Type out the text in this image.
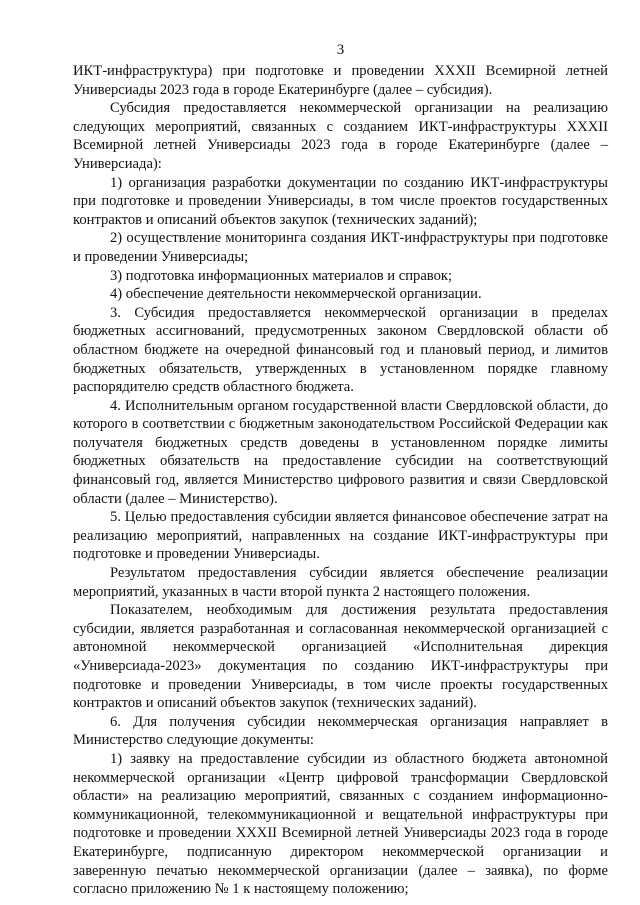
3

ИКТ-инфраструктура) при подготовке и проведении XXXII Всемирной летней Универсиады 2023 года в городе Екатеринбурге (далее – субсидия).

Субсидия предоставляется некоммерческой организации на реализацию следующих мероприятий, связанных с созданием ИКТ-инфраструктуры XXXII Всемирной летней Универсиады 2023 года в городе Екатеринбурге (далее – Универсиада):

1) организация разработки документации по созданию ИКТ-инфраструктуры при подготовке и проведении Универсиады, в том числе проектов государственных контрактов и описаний объектов закупок (технических заданий);

2) осуществление мониторинга создания ИКТ-инфраструктуры при подготовке и проведении Универсиады;

3) подготовка информационных материалов и справок;

4) обеспечение деятельности некоммерческой организации.

3. Субсидия предоставляется некоммерческой организации в пределах бюджетных ассигнований, предусмотренных законом Свердловской области об областном бюджете на очередной финансовый год и плановый период, и лимитов бюджетных обязательств, утвержденных в установленном порядке главному распорядителю средств областного бюджета.

4. Исполнительным органом государственной власти Свердловской области, до которого в соответствии с бюджетным законодательством Российской Федерации как получателя бюджетных средств доведены в установленном порядке лимиты бюджетных обязательств на предоставление субсидии на соответствующий финансовый год, является Министерство цифрового развития и связи Свердловской области (далее – Министерство).

5. Целью предоставления субсидии является финансовое обеспечение затрат на реализацию мероприятий, направленных на создание ИКТ-инфраструктуры при подготовке и проведении Универсиады.

Результатом предоставления субсидии является обеспечение реализации мероприятий, указанных в части второй пункта 2 настоящего положения.

Показателем, необходимым для достижения результата предоставления субсидии, является разработанная и согласованная некоммерческой организацией с автономной некоммерческой организацией «Исполнительная дирекция «Универсиада-2023» документация по созданию ИКТ-инфраструктуры при подготовке и проведении Универсиады, в том числе проекты государственных контрактов и описаний объектов закупок (технических заданий).

6. Для получения субсидии некоммерческая организация направляет в Министерство следующие документы:

1) заявку на предоставление субсидии из областного бюджета автономной некоммерческой организации «Центр цифровой трансформации Свердловской области» на реализацию мероприятий, связанных с созданием информационно-коммуникационной, телекоммуникационной и вещательной инфраструктуры при подготовке и проведении XXXII Всемирной летней Универсиады 2023 года в городе Екатеринбурге, подписанную директором некоммерческой организации и заверенную печатью некоммерческой организации (далее – заявка), по форме согласно приложению № 1 к настоящему положению;
